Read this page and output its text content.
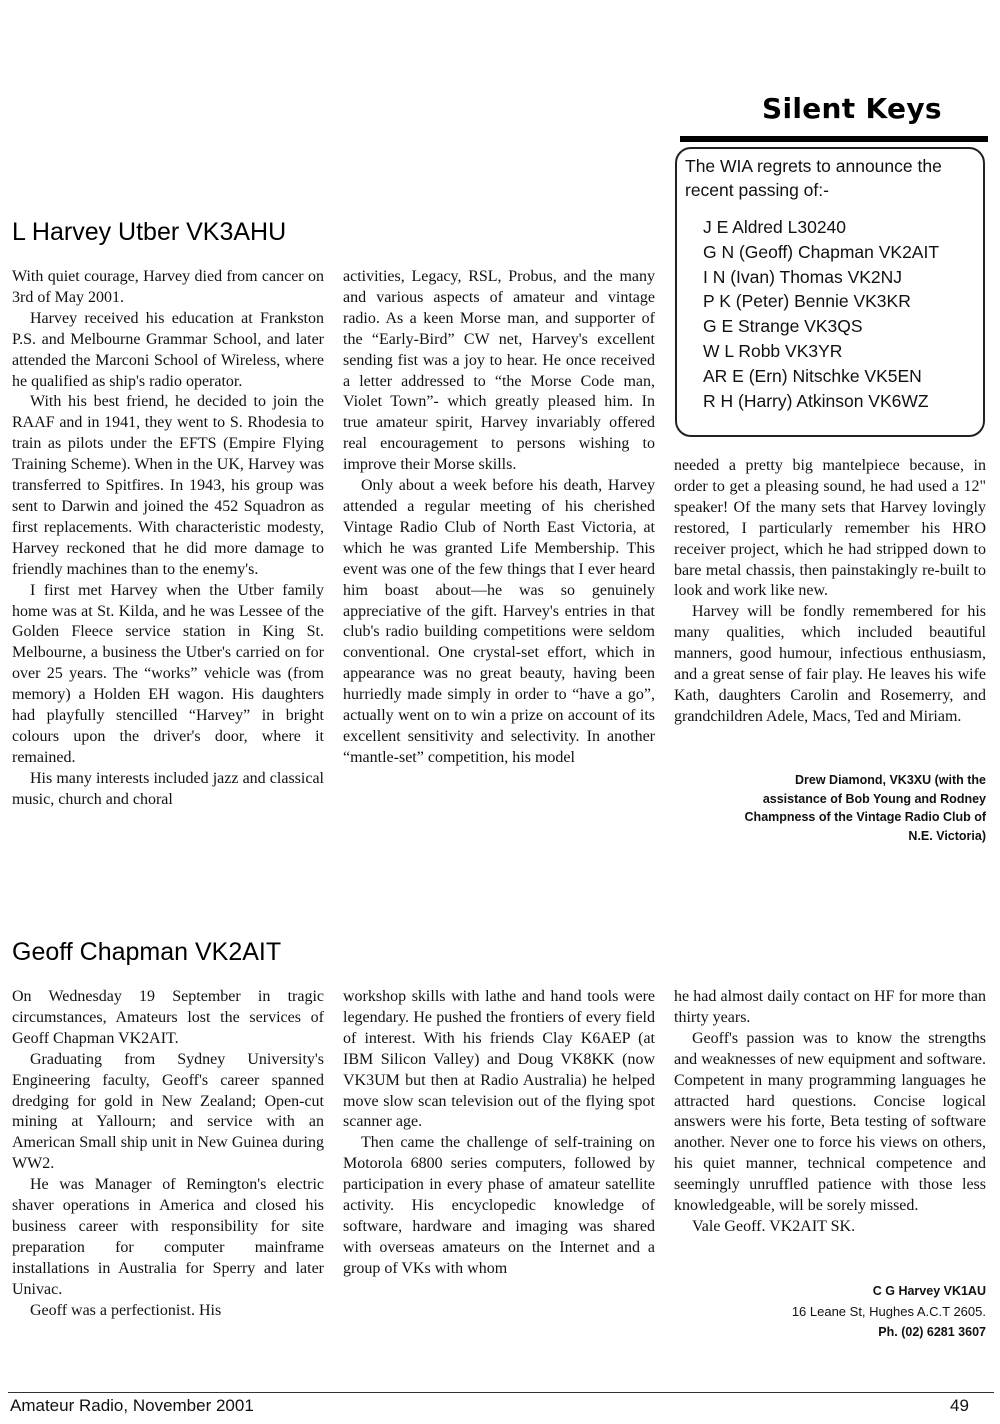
Silent Keys
The WIA regrets to announce the recent passing of:-
J E Aldred L30240
G N (Geoff) Chapman VK2AIT
I N (Ivan) Thomas VK2NJ
P K (Peter) Bennie VK3KR
G E Strange VK3QS
W L Robb VK3YR
AR E (Ern) Nitschke VK5EN
R H (Harry) Atkinson VK6WZ
L Harvey Utber VK3AHU

With quiet courage, Harvey died from cancer on 3rd of May 2001.

Harvey received his education at Frankston P.S. and Melbourne Grammar School, and later attended the Marconi School of Wireless, where he qualified as ship's radio operator.

With his best friend, he decided to join the RAAF and in 1941, they went to S. Rhodesia to train as pilots under the EFTS (Empire Flying Training Scheme). When in the UK, Harvey was transferred to Spitfires. In 1943, his group was sent to Darwin and joined the 452 Squadron as first replacements. With characteristic modesty, Harvey reckoned that he did more damage to friendly machines than to the enemy's.

I first met Harvey when the Utber family home was at St. Kilda, and he was Lessee of the Golden Fleece service station in King St. Melbourne, a business the Utber's carried on for over 25 years. The “works” vehicle was (from memory) a Holden EH wagon. His daughters had playfully stencilled “Harvey” in bright colours upon the driver's door, where it remained.

His many interests included jazz and classical music, church and choral

activities, Legacy, RSL, Probus, and the many and various aspects of amateur and vintage radio. As a keen Morse man, and supporter of the “Early-Bird” CW net, Harvey's excellent sending fist was a joy to hear. He once received a letter addressed to “the Morse Code man, Violet Town”- which greatly pleased him. In true amateur spirit, Harvey invariably offered real encouragement to persons wishing to improve their Morse skills.

Only about a week before his death, Harvey attended a regular meeting of his cherished Vintage Radio Club of North East Victoria, at which he was granted Life Membership. This event was one of the few things that I ever heard him boast about—he was so genuinely appreciative of the gift. Harvey's entries in that club's radio building competitions were seldom conventional. One crystal-set effort, which in appearance was no great beauty, having been hurriedly made simply in order to “have a go”, actually went on to win a prize on account of its excellent sensitivity and selectivity. In another “mantle-set” competition, his model

needed a pretty big mantelpiece because, in order to get a pleasing sound, he had used a 12" speaker! Of the many sets that Harvey lovingly restored, I particularly remember his HRO receiver project, which he had stripped down to bare metal chassis, then painstakingly re-built to look and work like new.

Harvey will be fondly remembered for his many qualities, which included beautiful manners, good humour, infectious enthusiasm, and a great sense of fair play. He leaves his wife Kath, daughters Carolin and Rosemerry, and grandchildren Adele, Macs, Ted and Miriam.

Drew Diamond, VK3XU (with the
assistance of Bob Young and Rodney
Champness of the Vintage Radio Club of
N.E. Victoria)
Geoff Chapman VK2AIT

On Wednesday 19 September in tragic circumstances, Amateurs lost the services of Geoff Chapman VK2AIT.

Graduating from Sydney University's Engineering faculty, Geoff's career spanned dredging for gold in New Zealand; Open-cut mining at Yallourn; and service with an American Small ship unit in New Guinea during WW2.

He was Manager of Remington's electric shaver operations in America and closed his business career with responsibility for site preparation for computer mainframe installations in Australia for Sperry and later Univac.

Geoff was a perfectionist. His

workshop skills with lathe and hand tools were legendary. He pushed the frontiers of every field of interest. With his friends Clay K6AEP (at IBM Silicon Valley) and Doug VK8KK (now VK3UM but then at Radio Australia) he helped move slow scan television out of the flying spot scanner age.

Then came the challenge of self-training on Motorola 6800 series computers, followed by participation in every phase of amateur satellite activity. His encyclopedic knowledge of software, hardware and imaging was shared with overseas amateurs on the Internet and a group of VKs with whom

he had almost daily contact on HF for more than thirty years.

Geoff's passion was to know the strengths and weaknesses of new equipment and software. Competent in many programming languages he attracted hard questions. Concise logical answers were his forte, Beta testing of software another. Never one to force his views on others, his quiet manner, technical competence and seemingly unruffled patience with those less knowledgeable, will be sorely missed.

Vale Geoff. VK2AIT SK.

C G Harvey VK1AU
16 Leane St, Hughes A.C.T 2605.
Ph. (02) 6281 3607
Amateur Radio, November 2001	49
